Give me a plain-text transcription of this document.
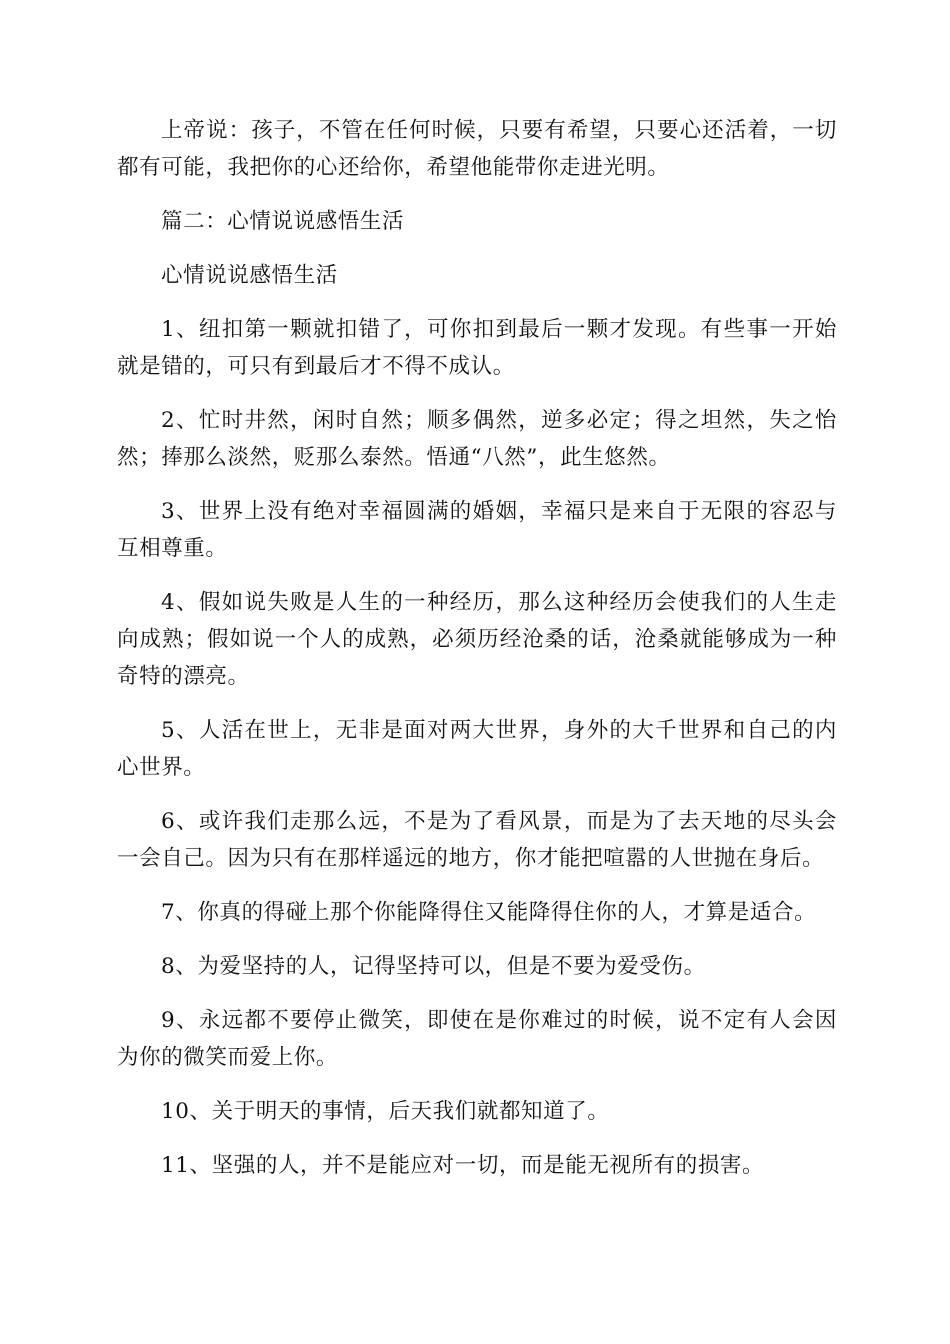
上帝说：孩子，不管在任何时候，只要有希望，只要心还活着，一切都有可能，我把你的心还给你，希望他能带你走进光明。

篇二：心情说说感悟生活

心情说说感悟生活

1、纽扣第一颗就扣错了，可你扣到最后一颗才发现。有些事一开始就是错的，可只有到最后才不得不成认。

2、忙时井然，闲时自然；顺多偶然，逆多必定；得之坦然，失之怡然；捧那么淡然，贬那么泰然。悟通“八然”，此生悠然。

3、世界上没有绝对幸福圆满的婚姻，幸福只是来自于无限的容忍与互相尊重。

4、假如说失败是人生的一种经历，那么这种经历会使我们的人生走向成熟；假如说一个人的成熟，必须历经沧桑的话，沧桑就能够成为一种奇特的漂亮。

5、人活在世上，无非是面对两大世界，身外的大千世界和自己的内心世界。

6、或许我们走那么远，不是为了看风景，而是为了去天地的尽头会一会自己。因为只有在那样遥远的地方，你才能把喧嚣的人世抛在身后。

7、你真的得碰上那个你能降得住又能降得住你的人，才算是适合。

8、为爱坚持的人，记得坚持可以，但是不要为爱受伤。

9、永远都不要停止微笑，即使在是你难过的时候，说不定有人会因为你的微笑而爱上你。

10、关于明天的事情，后天我们就都知道了。

11、坚强的人，并不是能应对一切，而是能无视所有的损害。
